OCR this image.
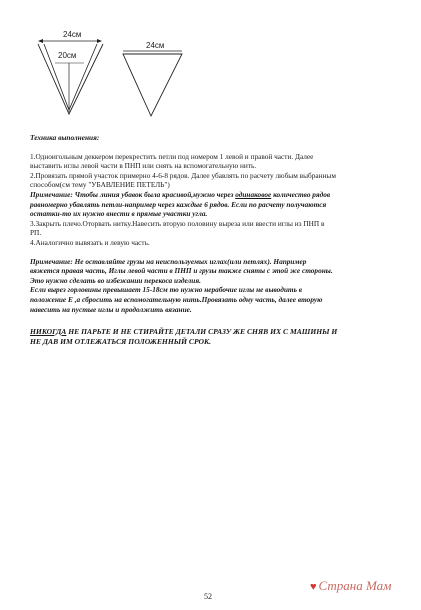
24см
20см
24см

Техника выполнения:

1.Одноигольным деккером перекрестить петли под номером 1 левой и правой части. Далее

выставить иглы левой части в ПНП или снять на вспомогательную нить.

2.Провязать прямой участок примерно 4-6-8 рядов. Далее убавлять по расчету любым выбранным

способом(см тему "УБАВЛЕНИЕ ПЕТЕЛЬ")

Примечание: Чтобы линия убавок была красивой,нужно через одинаковое количество рядов

равномерно убавлять петли-например через каждые 6 рядов. Если по расчету получаются

остатки-то их нужно внести в прямые участки угла.

3.Закрыть плечо.Оторвать нитку.Навесить вторую половину выреза или ввести иглы из ПНП в

РП.

4.Аналогично вывязать и левую часть.

Примечание: Не оставляйте грузы на неиспользуемых иглах(или петлях). Например

вяжется правая часть, Иглы левой части в ПНП и грузы также сняты с этой же стороны.

Это нужно сделать во избежании перекоса изделия.

Если вырез горловины превышает 15-18см то нужно нерабочие иглы не выводить в

положение Е ,а сбросить на вспомогательную нить.Провязать одну часть, далее вторую

навесить на пустые иглы и продолжить вязание.

НИКОГДА НЕ ПАРЬТЕ И НЕ СТИРАЙТЕ ДЕТАЛИ СРАЗУ ЖЕ СНЯВ ИХ С МАШИНЫ И

НЕ ДАВ ИМ ОТЛЕЖАТЬСЯ ПОЛОЖЕННЫЙ СРОК.

52
♥ Страна Мам
